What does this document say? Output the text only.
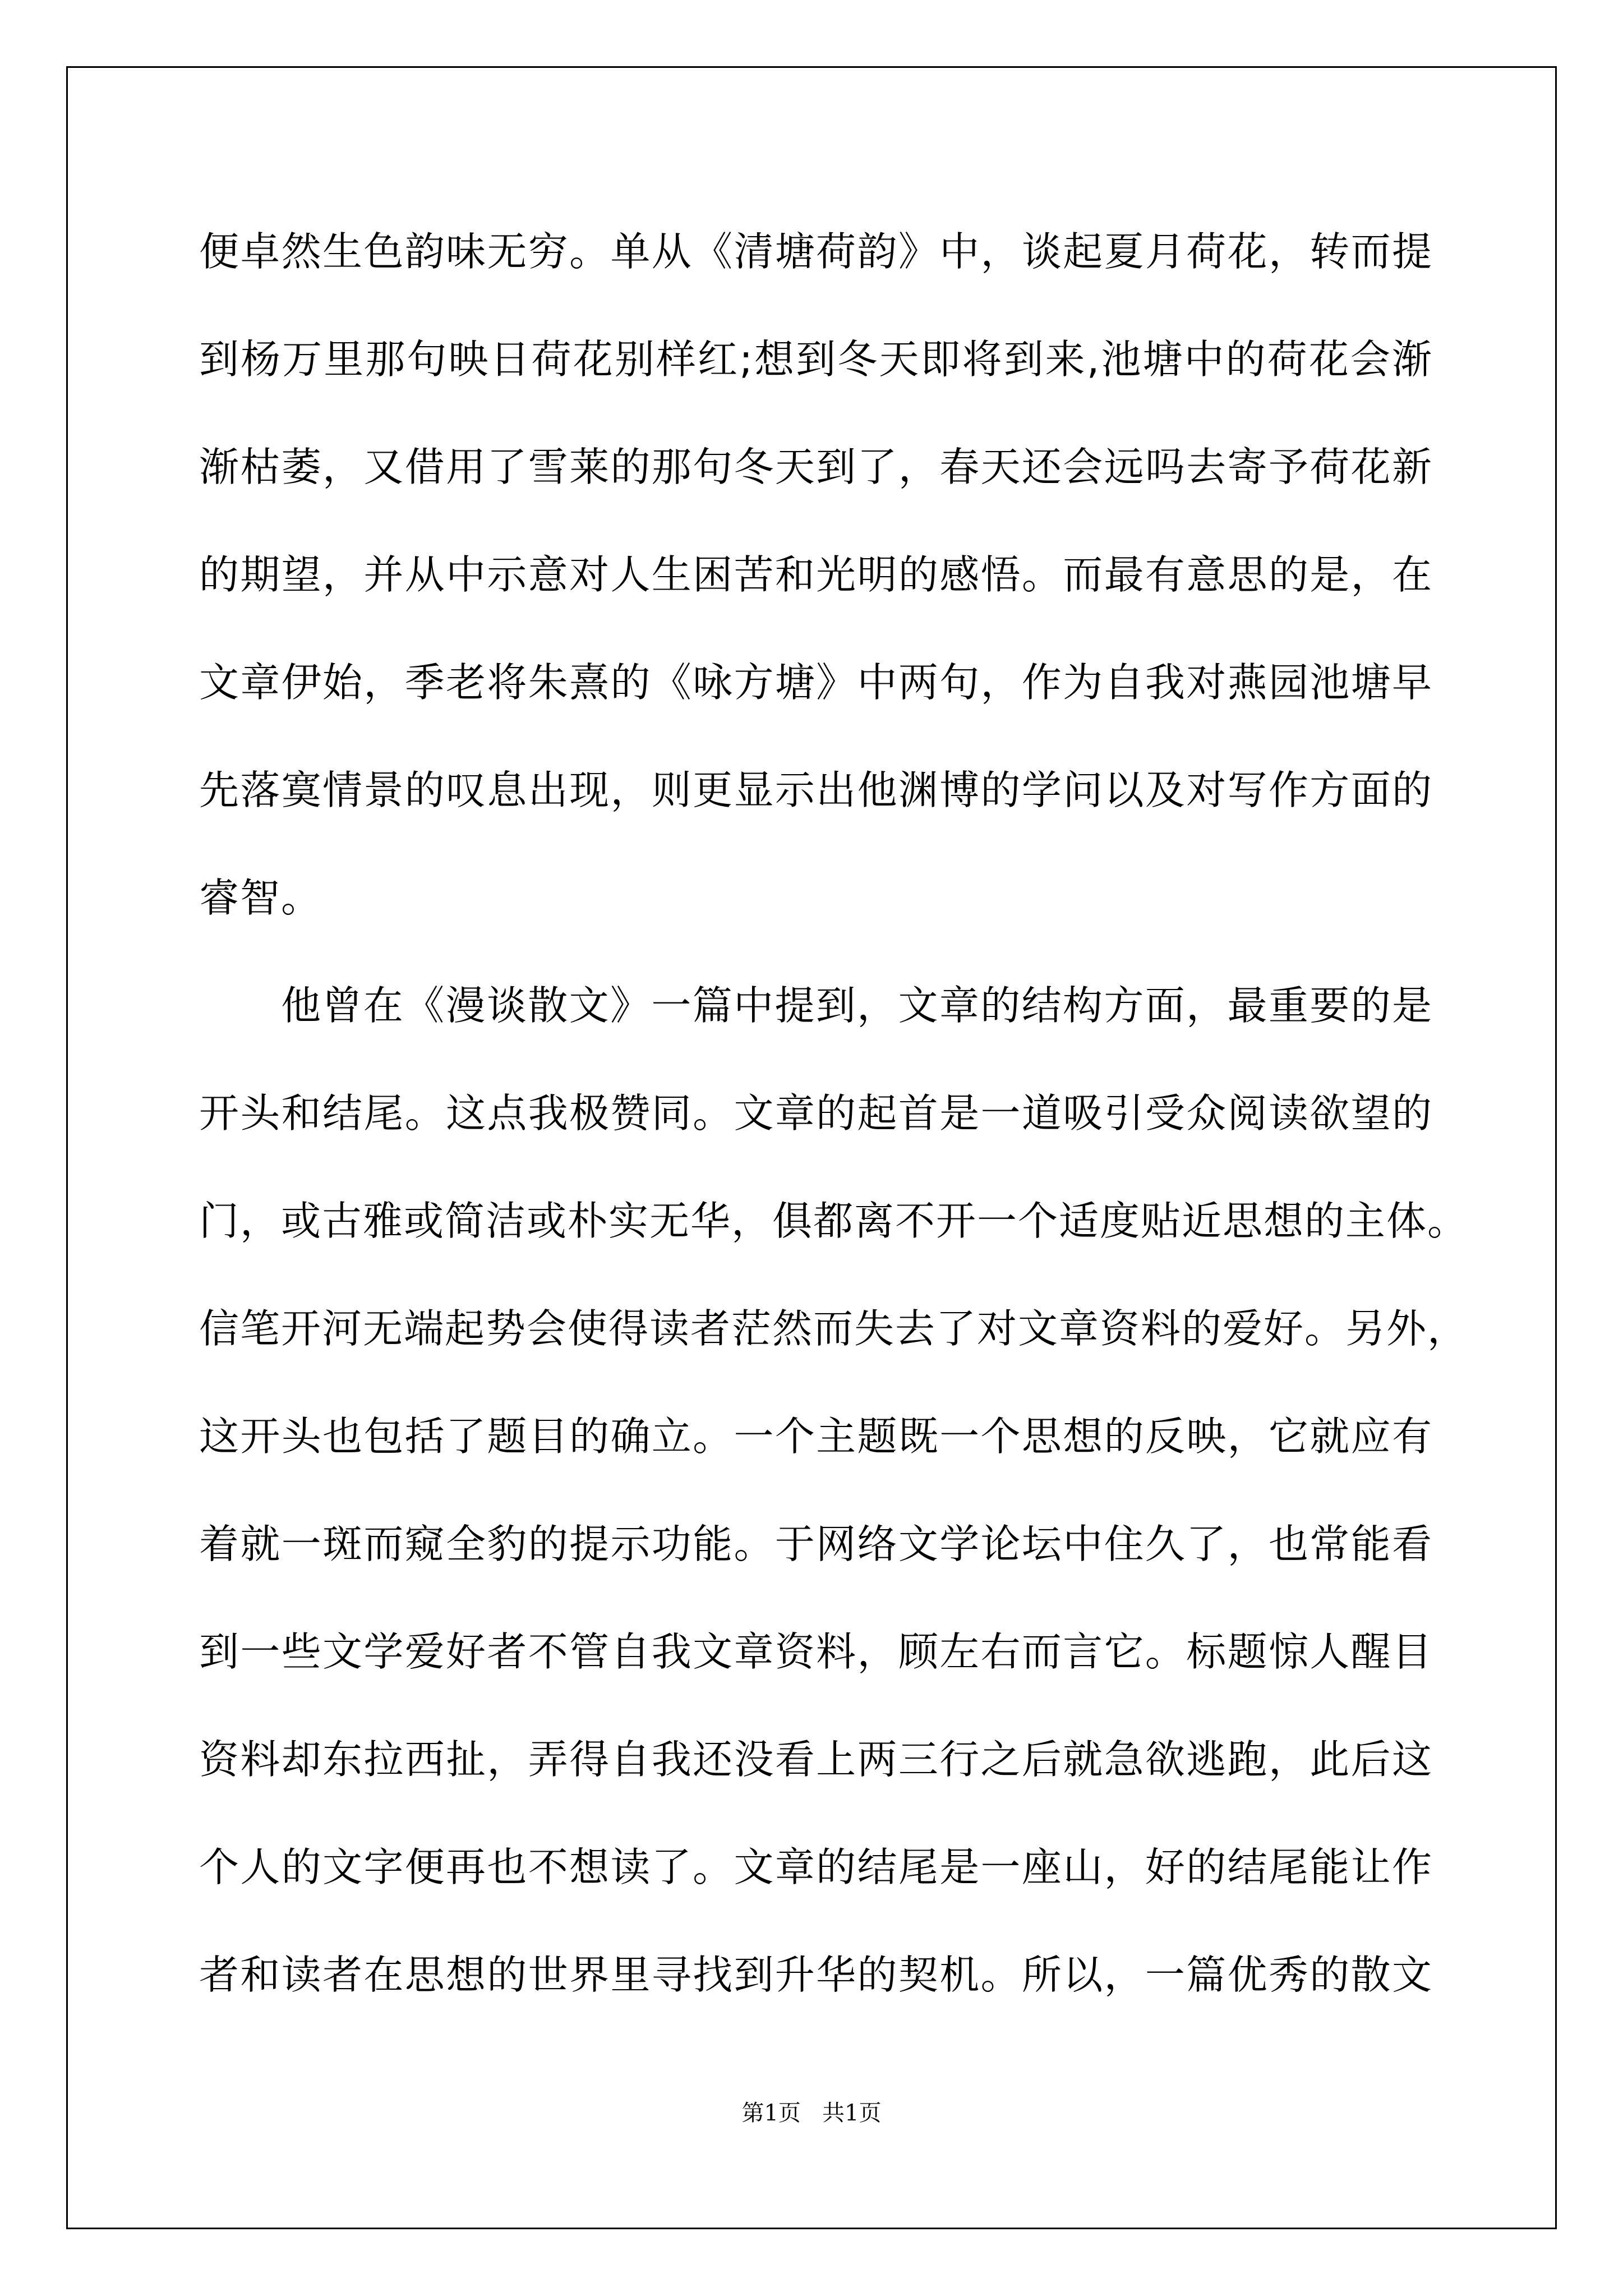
便卓然生色韵味无穷。单从《清塘荷韵》中，谈起夏月荷花，转而提
到杨万里那句映日荷花别样红;想到冬天即将到来,池塘中的荷花会渐
渐枯萎，又借用了雪莱的那句冬天到了，春天还会远吗去寄予荷花新
的期望，并从中示意对人生困苦和光明的感悟。而最有意思的是，在
文章伊始，季老将朱熹的《咏方塘》中两句，作为自我对燕园池塘早
先落寞情景的叹息出现，则更显示出他渊博的学问以及对写作方面的
睿智。
他曾在《漫谈散文》一篇中提到，文章的结构方面，最重要的是
开头和结尾。这点我极赞同。文章的起首是一道吸引受众阅读欲望的
门，或古雅或简洁或朴实无华，俱都离不开一个适度贴近思想的主体。
信笔开河无端起势会使得读者茫然而失去了对文章资料的爱好。另外，
这开头也包括了题目的确立。一个主题既一个思想的反映，它就应有
着就一斑而窥全豹的提示功能。于网络文学论坛中住久了，也常能看
到一些文学爱好者不管自我文章资料，顾左右而言它。标题惊人醒目
资料却东拉西扯，弄得自我还没看上两三行之后就急欲逃跑，此后这
个人的文字便再也不想读了。文章的结尾是一座山，好的结尾能让作
者和读者在思想的世界里寻找到升华的契机。所以，一篇优秀的散文
第1页   共1页
